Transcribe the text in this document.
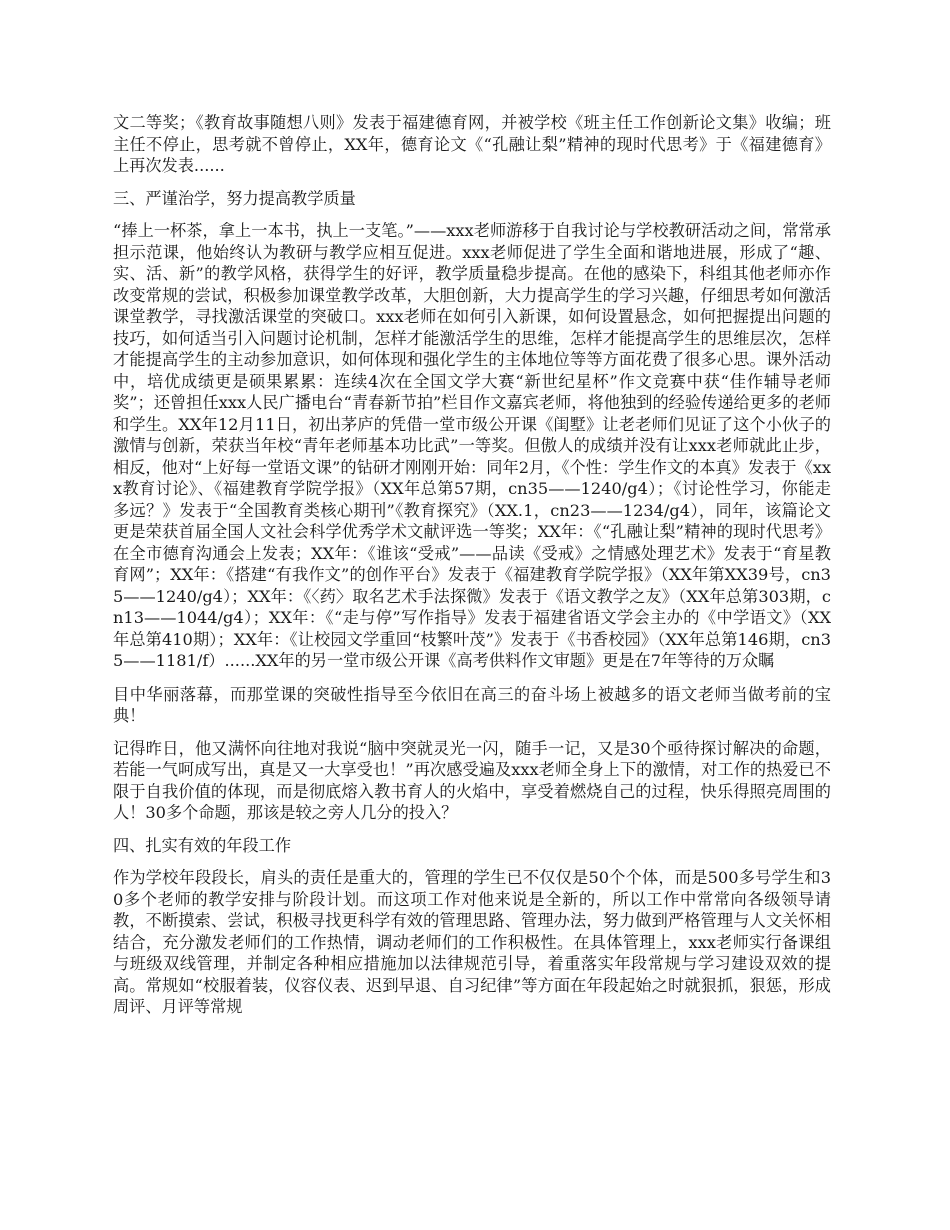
文二等奖；《教育故事随想八则》发表于福建德育网，并被学校《班主任工作创新论文集》收编；班主任不停止，思考就不曾停止，XX年，德育论文《“孔融让梨”精神的现时代思考》于《福建德育》上再次发表......

三、严谨治学，努力提高教学质量

“捧上一杯茶，拿上一本书，执上一支笔。”——xxx老师游移于自我讨论与学校教研活动之间，常常承担示范课，他始终认为教研与教学应相互促进。xxx老师促进了学生全面和谐地进展，形成了“趣、实、活、新”的教学风格，获得学生的好评，教学质量稳步提高。在他的感染下，科组其他老师亦作改变常规的尝试，积极参加课堂教学改革，大胆创新，大力提高学生的学习兴趣，仔细思考如何激活课堂教学，寻找激活课堂的突破口。xxx老师在如何引入新课，如何设置悬念，如何把握提出问题的技巧，如何适当引入问题讨论机制，怎样才能激活学生的思维，怎样才能提高学生的思维层次，怎样才能提高学生的主动参加意识，如何体现和强化学生的主体地位等等方面花费了很多心思。课外活动中，培优成绩更是硕果累累：连续4次在全国文学大赛“新世纪星杯”作文竞赛中获“佳作辅导老师奖”；还曾担任xxx人民广播电台“青春新节拍”栏目作文嘉宾老师，将他独到的经验传递给更多的老师和学生。XX年12月11日，初出茅庐的凭借一堂市级公开课《闺墅》让老老师们见证了这个小伙子的激情与创新，荣获当年校“青年老师基本功比武”一等奖。但傲人的成绩并没有让xxx老师就此止步，相反，他对“上好每一堂语文课”的钻研才刚刚开始：同年2月，《个性：学生作文的本真》发表于《xxx教育讨论》、《福建教育学院学报》（XX年总第57期，cn35——1240/g4）；《讨论性学习，你能走多远？》发表于“全国教育类核心期刊”《教育探究》（XX.1，cn23——1234/g4），同年，该篇论文更是荣获首届全国人文社会科学优秀学术文献评选一等奖；XX年：《“孔融让梨”精神的现时代思考》在全市德育沟通会上发表；XX年：《谁该“受戒”——品读《受戒》之情感处理艺术》发表于“育星教育网”；XX年：《搭建“有我作文”的创作平台》发表于《福建教育学院学报》（XX年第XX39号，cn35——1240/g4）；XX年：《〈药〉取名艺术手法探微》发表于《语文教学之友》（XX年总第303期，cn13——1044/g4）；XX年：《“走与停”写作指导》发表于福建省语文学会主办的《中学语文》（XX年总第410期）；XX年：《让校园文学重回“枝繁叶茂”》发表于《书香校园》（XX年总第146期，cn35——1181/f）......XX年的另一堂市级公开课《高考供料作文审题》更是在7年等待的万众瞩

目中华丽落幕，而那堂课的突破性指导至今依旧在高三的奋斗场上被越多的语文老师当做考前的宝典！

记得昨日，他又满怀向往地对我说“脑中突就灵光一闪，随手一记，又是30个亟待探讨解决的命题，若能一气呵成写出，真是又一大享受也！”再次感受遍及xxx老师全身上下的激情，对工作的热爱已不限于自我价值的体现，而是彻底熔入教书育人的火焰中，享受着燃烧自己的过程，快乐得照亮周围的人！30多个命题，那该是较之旁人几分的投入？

四、扎实有效的年段工作

作为学校年段段长，肩头的责任是重大的，管理的学生已不仅仅是50个个体，而是500多号学生和30多个老师的教学安排与阶段计划。而这项工作对他来说是全新的，所以工作中常常向各级领导请教，不断摸索、尝试，积极寻找更科学有效的管理思路、管理办法，努力做到严格管理与人文关怀相结合，充分激发老师们的工作热情，调动老师们的工作积极性。在具体管理上，xxx老师实行备课组与班级双线管理，并制定各种相应措施加以法律规范引导，着重落实年段常规与学习建设双效的提高。常规如“校服着装，仪容仪表、迟到早退、自习纪律”等方面在年段起始之时就狠抓，狠惩，形成周评、月评等常规
